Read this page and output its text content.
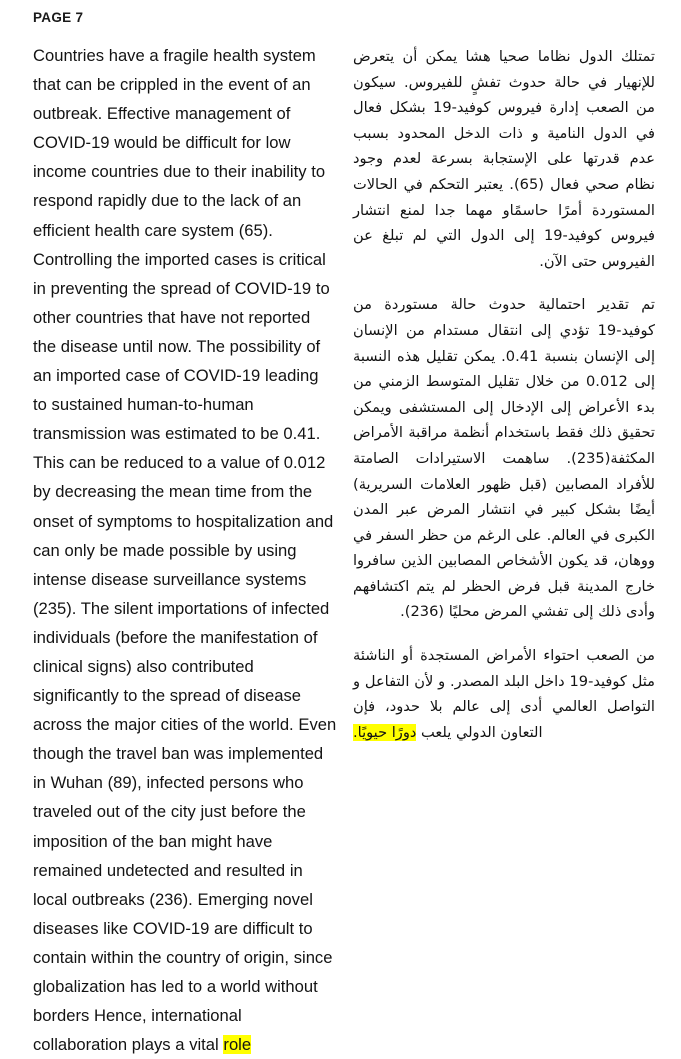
PAGE 7

Countries have a fragile health system that can be crippled in the event of an outbreak. Effective management of COVID-19 would be difficult for low income countries due to their inability to respond rapidly due to the lack of an efficient health care system (65). Controlling the imported cases is critical in preventing the spread of COVID-19 to other countries that have not reported the disease until now. The possibility of an imported case of COVID-19 leading to sustained human-to-human transmission was estimated to be 0.41. This can be reduced to a value of 0.012 by decreasing the mean time from the onset of symptoms to hospitalization and can only be made possible by using intense disease surveillance systems (235). The silent importations of infected individuals (before the manifestation of clinical signs) also contributed significantly to the spread of disease across the major cities of the world. Even though the travel ban was implemented in Wuhan (89), infected persons who traveled out of the city just before the imposition of the ban might have remained undetected and resulted in local outbreaks (236). Emerging novel diseases like COVID-19 are difficult to contain within the country of origin, since globalization has led to a world without borders Hence, international collaboration plays a vital role

تمتلك الدول نظاما صحيا هشا يمكن أن يتعرض للإنهيار في حالة حدوث تفشٍ للفيروس. سيكون من الصعب إدارة فيروس كوفيد-19 بشكل فعال في الدول النامية و ذات الدخل المحدود بسبب عدم قدرتها على الإستجابة بسرعة لعدم وجود نظام صحي فعال (65). يعتبر التحكم في الحالات المستوردة أمرًا حاسمًاو مهما جدا لمنع انتشار فيروس كوفيد-19 إلى الدول التي لم تبلغ عن الفيروس حتى الآن.

تم تقدير احتمالية حدوث حالة مستوردة من كوفيد-19 تؤدي إلى انتقال مستدام من الإنسان إلى الإنسان بنسبة 0.41. يمكن تقليل هذه النسبة إلى 0.012 من خلال تقليل المتوسط الزمني من بدء الأعراض إلى الإدخال إلى المستشفى ويمكن تحقيق ذلك فقط باستخدام أنظمة مراقبة الأمراض المكثفة(235). ساهمت الاستيرادات الصامتة للأفراد المصابين (قبل ظهور العلامات السريرية) أيضًا بشكل كبير في انتشار المرض عبر المدن الكبرى في العالم. على الرغم من حظر السفر في ووهان، قد يكون الأشخاص المصابين الذين سافروا خارج المدينة قبل فرض الحظر لم يتم اكتشافهم وأدى ذلك إلى تفشي المرض محليًا (236).

من الصعب احتواء الأمراض المستجدة أو الناشئة مثل كوفيد-19 داخل البلد المصدر. و لأن التفاعل و التواصل العالمي أدى إلى عالم بلا حدود، فإن التعاون الدولي يلعب دورًا حيويًا.
